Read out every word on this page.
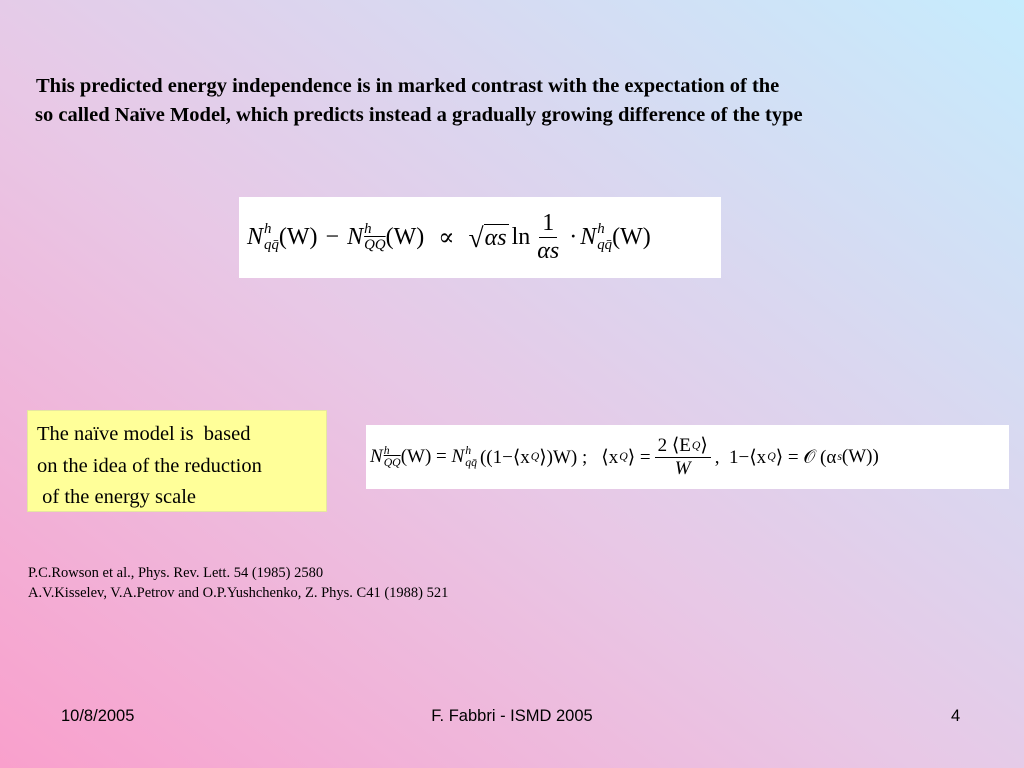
This predicted energy independence is in marked contrast with the expectation of the
so called Naïve Model, which predicts instead a gradually growing difference of the type

N h
qq̄ (W) − N h
$\overline{QQ}$ (W) ∝ √ αs $\ln \frac{1}{\alpha s} \cdot N$ h
qq̄ (W)
The naïve model is  based
on the idea of the reduction
of the energy scale
N h
$\overline{QQ}$ (W) = N h
qq̄ ((1−⟨x Q ⟩)W) ; ⟨x Q ⟩ = $\frac{\text{2 ⟨E Q ⟩}}{W}$ ,  1−⟨x Q ⟩ = 𝒪 (α s (W))
P.C.Rowson et al., Phys. Rev. Lett. 54 (1985) 2580
A.V.Kisselev, V.A.Petrov and O.P.Yushchenko, Z. Phys. C41 (1988) 521
10/8/2005	F. Fabbri - ISMD 2005	4
